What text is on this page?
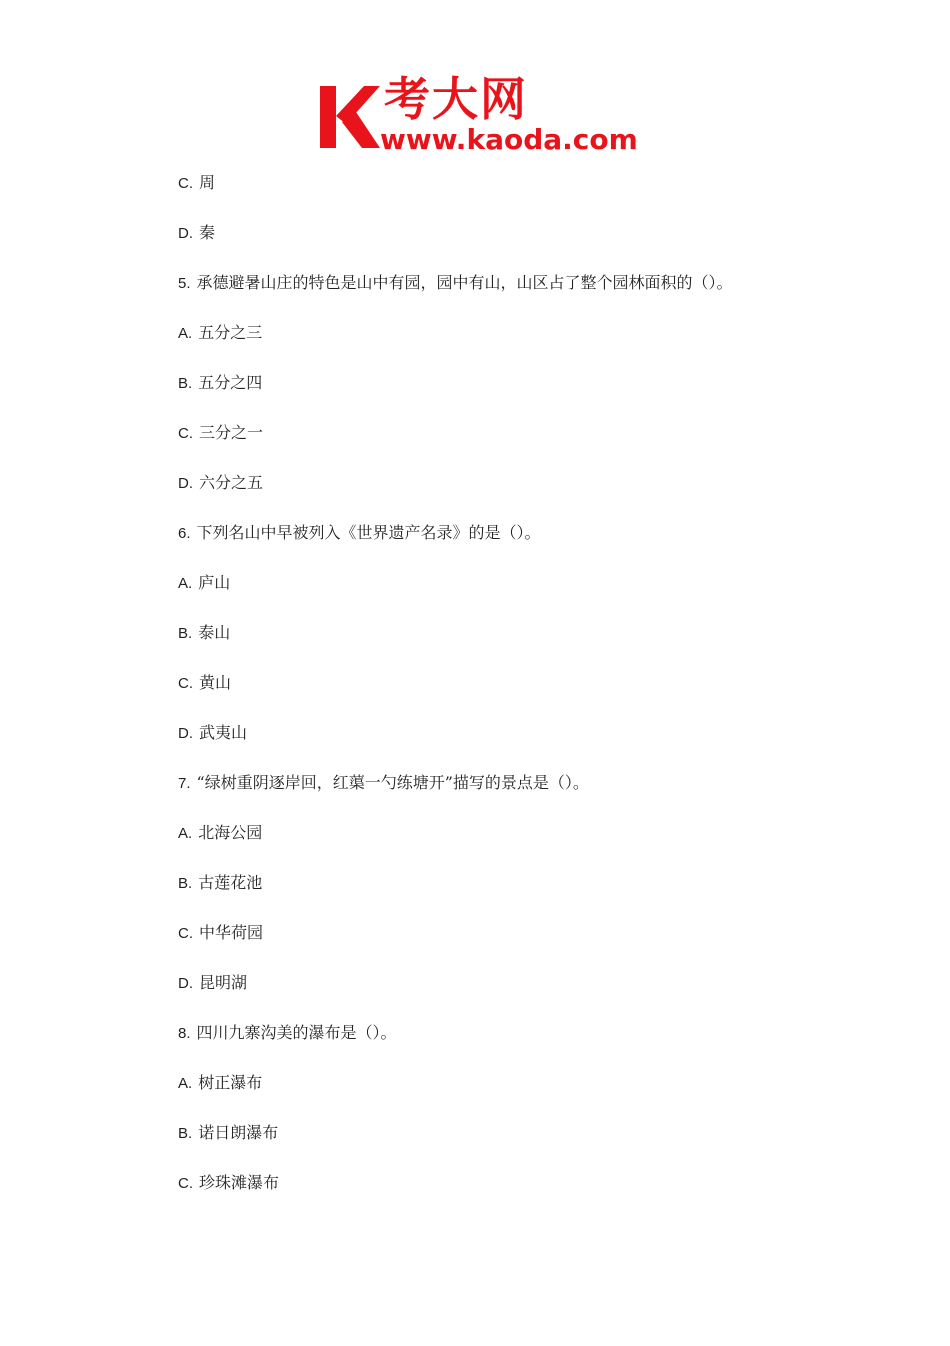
考大网
www.kaoda.com
C. 周
D. 秦
5. 承德避暑山庄的特色是山中有园，园中有山，山区占了整个园林面积的（）。
A. 五分之三
B. 五分之四
C. 三分之一
D. 六分之五
6. 下列名山中早被列入《世界遗产名录》的是（）。
A. 庐山
B. 泰山
C. 黄山
D. 武夷山
7. “绿树重阴逐岸回，红蕖一勺练塘开”描写的景点是（）。
A. 北海公园
B. 古莲花池
C. 中华荷园
D. 昆明湖
8. 四川九寨沟美的瀑布是（）。
A. 树正瀑布
B. 诺日朗瀑布
C. 珍珠滩瀑布
